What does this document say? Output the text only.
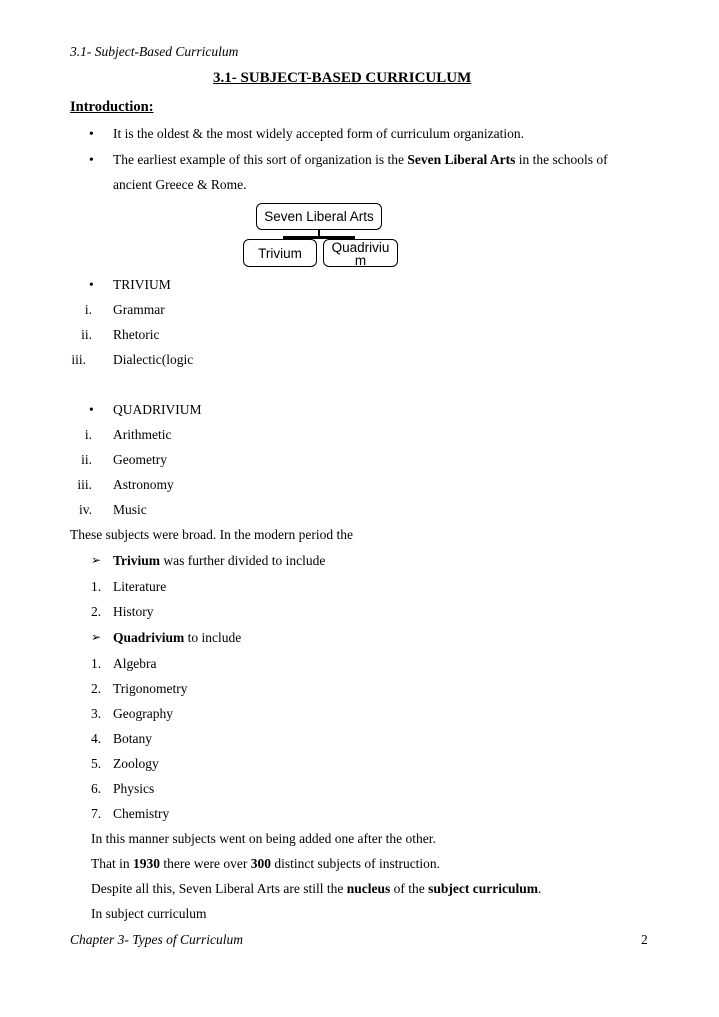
3.1- Subject-Based Curriculum
3.1- SUBJECT-BASED CURRICULUM
Introduction:
• It is the oldest & the most widely accepted form of curriculum organization.
• The earliest example of this sort of organization is the Seven Liberal Arts in the schools of
ancient Greece & Rome.
Seven Liberal Arts
Trivium	Quadriviu
m
• TRIVIUM
i. Grammar
ii. Rhetoric
iii. Dialectic(logic
• QUADRIVIUM
i. Arithmetic
ii. Geometry
iii. Astronomy
iv. Music
These subjects were broad. In the modern period the
➢ Trivium was further divided to include
1. Literature
2. History
➢ Quadrivium to include
1. Algebra
2. Trigonometry
3. Geography
4. Botany
5. Zoology
6. Physics
7. Chemistry
In this manner subjects went on being added one after the other.
That in 1930 there were over 300 distinct subjects of instruction.
Despite all this, Seven Liberal Arts are still the nucleus of the subject curriculum.
In subject curriculum
Chapter 3- Types of Curriculum	2
